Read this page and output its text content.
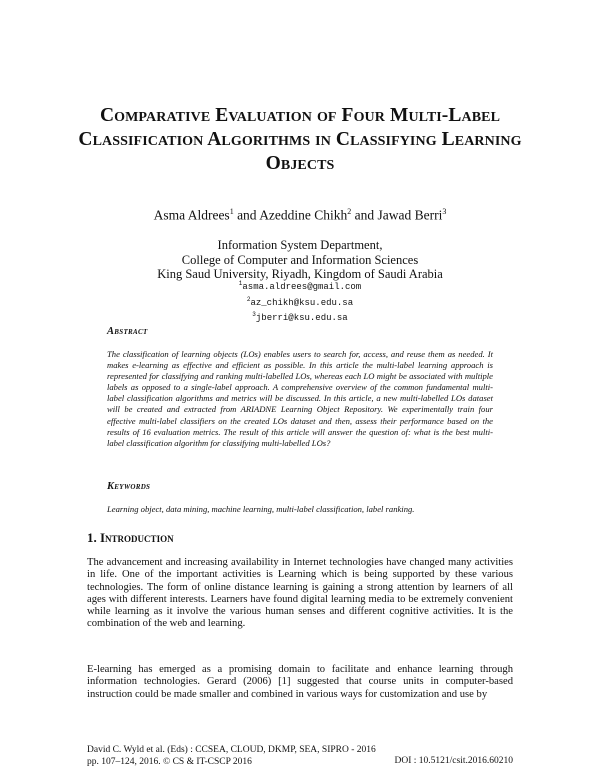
Comparative Evaluation of Four Multi-Label Classification Algorithms in Classifying Learning Objects
Asma Aldrees$^1$ and Azeddine Chikh$^2$ and Jawad Berri$^3$
Information System Department,
College of Computer and Information Sciences
King Saud University, Riyadh, Kingdom of Saudi Arabia
$^1$asma.aldrees@gmail.com
$^2$az_chikh@ksu.edu.sa
$^3$jberri@ksu.edu.sa
Abstract
The classification of learning objects (LOs) enables users to search for, access, and reuse them as needed. It makes e-learning as effective and efficient as possible. In this article the multi-label learning approach is represented for classifying and ranking multi-labelled LOs, whereas each LO might be associated with multiple labels as opposed to a single-label approach. A comprehensive overview of the common fundamental multi-label classification algorithms and metrics will be discussed. In this article, a new multi-labelled LOs dataset will be created and extracted from ARIADNE Learning Object Repository. We experimentally train four effective multi-label classifiers on the created LOs dataset and then, assess their performance based on the results of 16 evaluation metrics. The result of this article will answer the question of: what is the best multi-label classification algorithm for classifying multi-labelled LOs?
Keywords
Learning object, data mining, machine learning, multi-label classification, label ranking.
1. Introduction
The advancement and increasing availability in Internet technologies have changed many activities in life. One of the important activities is Learning which is being supported by these various technologies. The form of online distance learning is gaining a strong attention by learners of all ages with different interests. Learners have found digital learning media to be extremely convenient while learning as it involve the various human senses and different cognitive activities. It is the combination of the web and learning.
E-learning has emerged as a promising domain to facilitate and enhance learning through information technologies. Gerard (2006) [1] suggested that course units in computer-based instruction could be made smaller and combined in various ways for customization and use by
David C. Wyld et al. (Eds) : CCSEA, CLOUD, DKMP, SEA, SIPRO - 2016
pp. 107–124, 2016. © CS & IT-CSCP 2016	DOI : 10.5121/csit.2016.60210
